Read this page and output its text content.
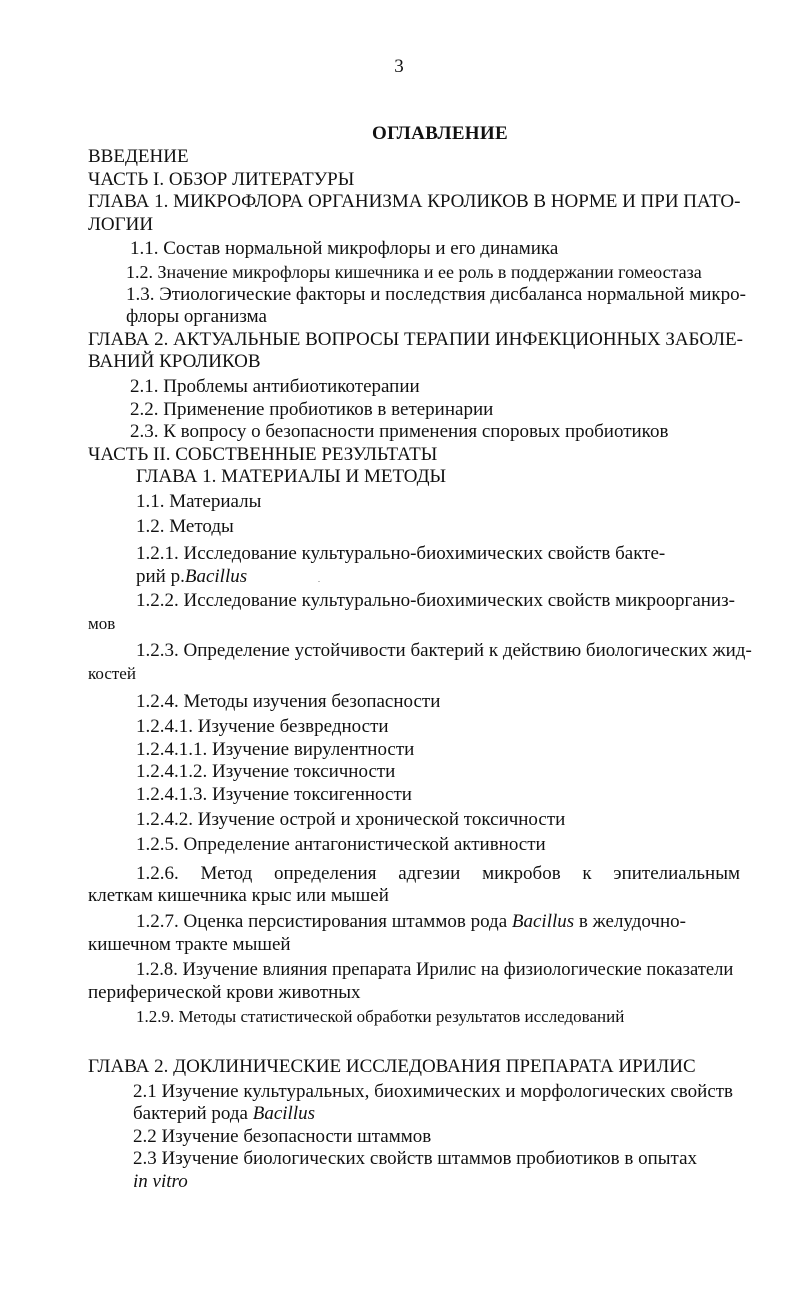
3
ОГЛАВЛЕНИЕ
ВВЕДЕНИЕ
ЧАСТЬ I. ОБЗОР ЛИТЕРАТУРЫ
ГЛАВА 1. МИКРОФЛОРА ОРГАНИЗМА КРОЛИКОВ В НОРМЕ И ПРИ ПАТО-
ЛОГИИ
1.1. Состав нормальной микрофлоры и его динамика
1.2. Значение микрофлоры кишечника и ее роль в поддержании гомеостаза
1.3. Этиологические факторы и последствия дисбаланса нормальной микро-
флоры организма
ГЛАВА 2. АКТУАЛЬНЫЕ ВОПРОСЫ ТЕРАПИИ ИНФЕКЦИОННЫХ ЗАБОЛЕ-
ВАНИЙ КРОЛИКОВ
2.1. Проблемы антибиотикотерапии
2.2. Применение пробиотиков в ветеринарии
2.3. К вопросу о безопасности применения споровых пробиотиков
ЧАСТЬ II. СОБСТВЕННЫЕ РЕЗУЛЬТАТЫ
ГЛАВА 1. МАТЕРИАЛЫ И МЕТОДЫ
1.1. Материалы
1.2. Методы
1.2.1. Исследование культурально-биохимических свойств бакте-
рий р.Bacillus
1.2.2. Исследование культурально-биохимических свойств микроорганиз-
мов
1.2.3. Определение устойчивости бактерий к действию биологических жид-
костей
1.2.4. Методы изучения безопасности
1.2.4.1. Изучение безвредности
1.2.4.1.1. Изучение вирулентности
1.2.4.1.2. Изучение токсичности
1.2.4.1.3. Изучение токсигенности
1.2.4.2. Изучение острой и хронической токсичности
1.2.5. Определение антагонистической активности
1.2.6. Метод определения адгезии микробов к эпителиальным
клеткам кишечника крыс или мышей
1.2.7. Оценка персистирования штаммов рода Bacillus в желудочно-
кишечном тракте мышей
1.2.8. Изучение влияния препарата Ирилис на физиологические показатели
периферической крови животных
1.2.9. Методы статистической обработки результатов исследований
ГЛАВА 2. ДОКЛИНИЧЕСКИЕ ИССЛЕДОВАНИЯ ПРЕПАРАТА ИРИЛИС
2.1 Изучение культуральных, биохимических и морфологических свойств
бактерий рода Bacillus
2.2 Изучение безопасности штаммов
2.3 Изучение биологических свойств штаммов пробиотиков в опытах
in vitro
